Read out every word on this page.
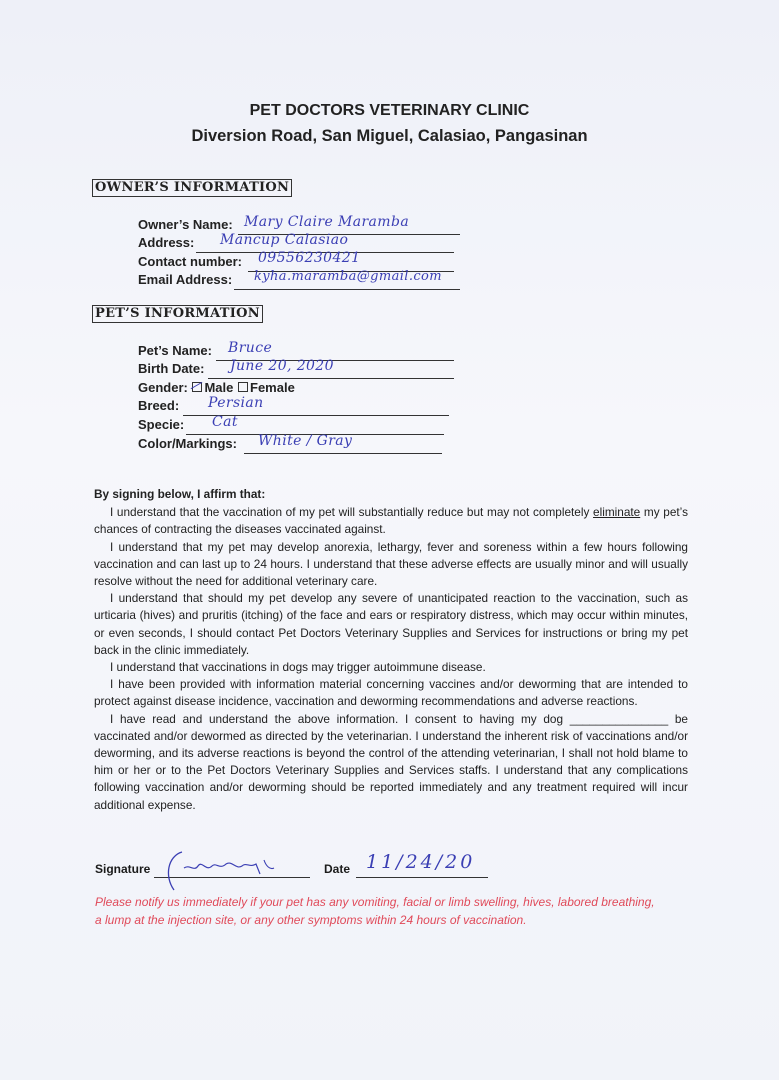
PET DOCTORS VETERINARY CLINIC
Diversion Road, San Miguel, Calasiao, Pangasinan
OWNER’S INFORMATION
Owner’s Name: Mary Claire Maramba
Address: Mancup Calasiao
Contact number: 09556230421
Email Address: kyha.maramba@gmail.com
PET’S INFORMATION
Pet’s Name: Bruce
Birth Date: June 20, 2020
Gender: Male Female
Breed: Persian
Specie: Cat
Color/Markings: White / Gray

By signing below, I affirm that:

I understand that the vaccination of my pet will substantially reduce but may not completely eliminate my pet’s chances of contracting the diseases vaccinated against.

I understand that my pet may develop anorexia, lethargy, fever and soreness within a few hours following vaccination and can last up to 24 hours. I understand that these adverse effects are usually minor and will usually resolve without the need for additional veterinary care.

I understand that should my pet develop any severe of unanticipated reaction to the vaccination, such as urticaria (hives) and pruritis (itching) of the face and ears or respiratory distress, which may occur within minutes, or even seconds, I should contact Pet Doctors Veterinary Supplies and Services for instructions or bring my pet back in the clinic immediately.

I understand that vaccinations in dogs may trigger autoimmune disease.

I have been provided with information material concerning vaccines and/or deworming that are intended to protect against disease incidence, vaccination and deworming recommendations and adverse reactions.

I have read and understand the above information. I consent to having my dog _______________ be vaccinated and/or dewormed as directed by the veterinarian. I understand the inherent risk of vaccinations and/or deworming, and its adverse reactions is beyond the control of the attending veterinarian, I shall not hold blame to him or her or to the Pet Doctors Veterinary Supplies and Services staffs. I understand that any complications following vaccination and/or deworming should be reported immediately and any treatment required will incur additional expense.

Signature	Date 11/24/20
Please notify us immediately if your pet has any vomiting, facial or limb swelling, hives, labored breathing, a lump at the injection site, or any other symptoms within 24 hours of vaccination.
